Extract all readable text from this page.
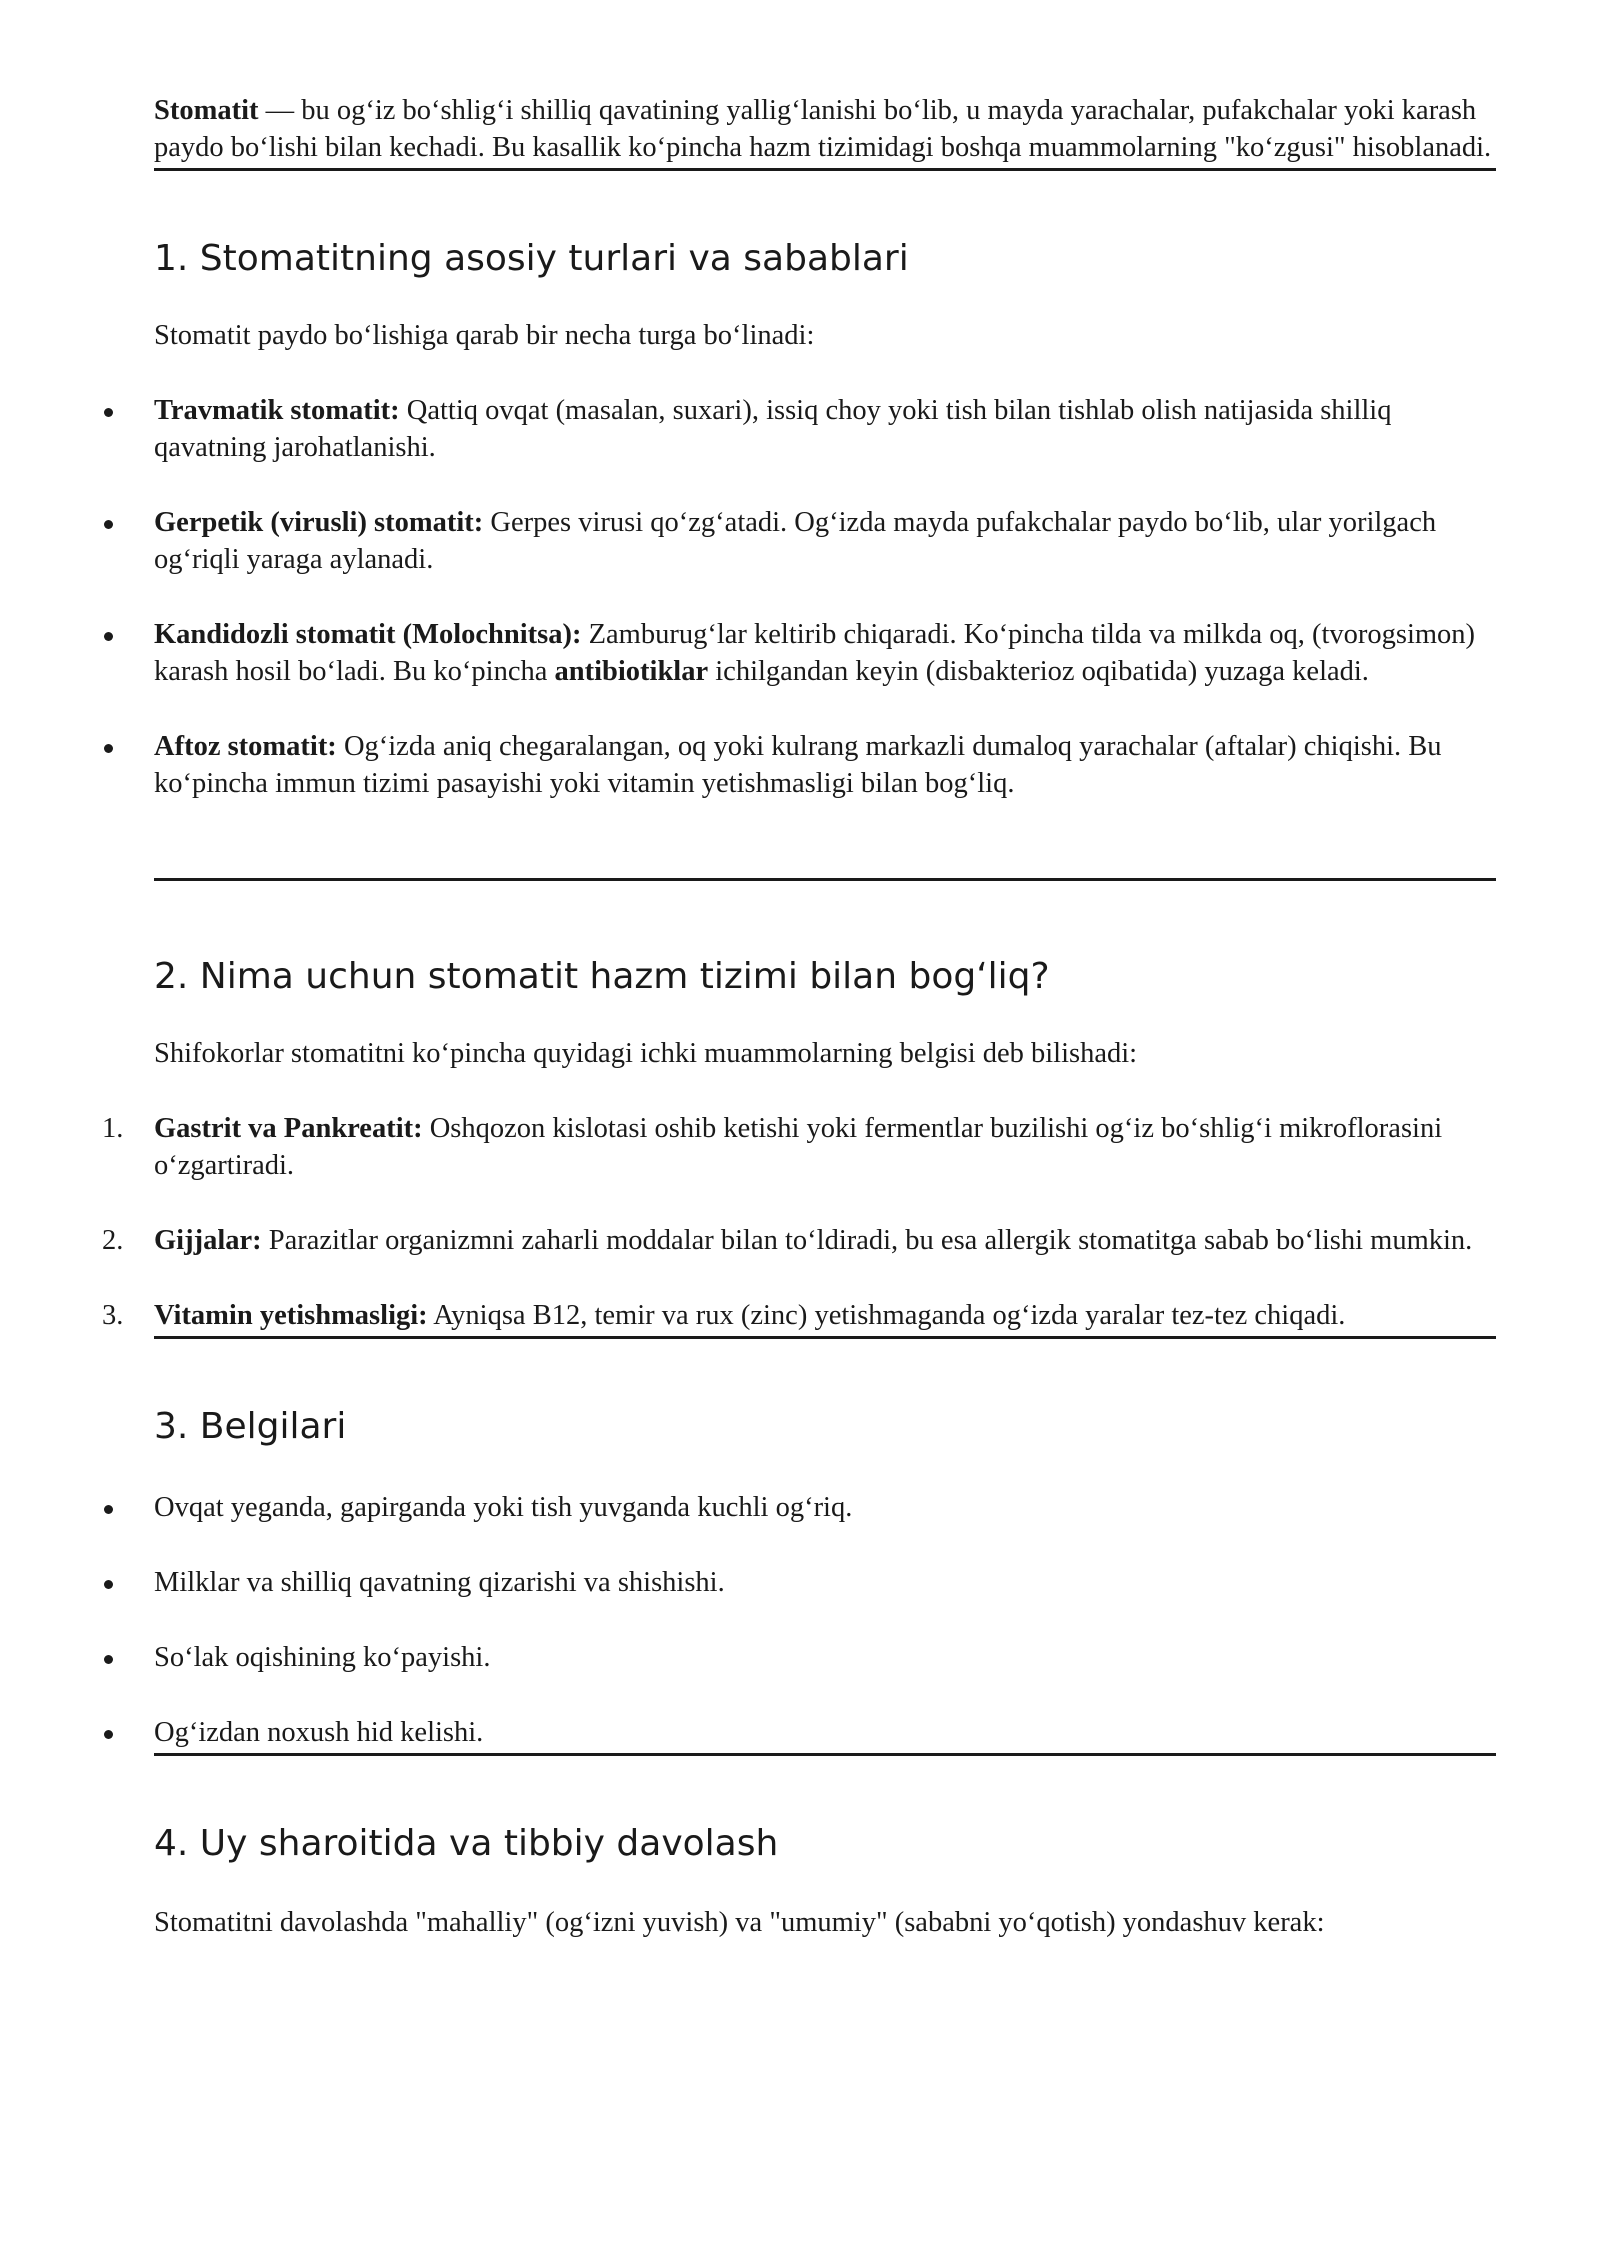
Stomatit — bu og‘iz bo‘shlig‘i shilliq qavatining yallig‘lanishi bo‘lib, u mayda yarachalar, pufakchalar yoki karash paydo bo‘lishi bilan kechadi. Bu kasallik ko‘pincha hazm tizimidagi boshqa muammolarning "ko‘zgusi" hisoblanadi.

1. Stomatitning asosiy turlari va sabablari

Stomatit paydo bo‘lishiga qarab bir necha turga bo‘linadi:

Travmatik stomatit: Qattiq ovqat (masalan, suxari), issiq choy yoki tish bilan tishlab olish natijasida shilliq qavatning jarohatlanishi.
Gerpetik (virusli) stomatit: Gerpes virusi qo‘zg‘atadi. Og‘izda mayda pufakchalar paydo bo‘lib, ular yorilgach og‘riqli yaraga aylanadi.
Kandidozli stomatit (Molochnitsa): Zamburug‘lar keltirib chiqaradi. Ko‘pincha tilda va milkda oq, (tvorogsimon) karash hosil bo‘ladi. Bu ko‘pincha antibiotiklar ichilgandan keyin (disbakterioz oqibatida) yuzaga keladi.
Aftoz stomatit: Og‘izda aniq chegaralangan, oq yoki kulrang markazli dumaloq yarachalar (aftalar) chiqishi. Bu ko‘pincha immun tizimi pasayishi yoki vitamin yetishmasligi bilan bog‘liq.
2. Nima uchun stomatit hazm tizimi bilan bog‘liq?

Shifokorlar stomatitni ko‘pincha quyidagi ichki muammolarning belgisi deb bilishadi:

1.	Gastrit va Pankreatit: Oshqozon kislotasi oshib ketishi yoki fermentlar buzilishi og‘iz bo‘shlig‘i mikroflorasini o‘zgartiradi.
2.	Gijjalar: Parazitlar organizmni zaharli moddalar bilan to‘ldiradi, bu esa allergik stomatitga sabab bo‘lishi mumkin.
3.	Vitamin yetishmasligi: Ayniqsa B12, temir va rux (zinc) yetishmaganda og‘izda yaralar tez-tez chiqadi.
3. Belgilari
Ovqat yeganda, gapirganda yoki tish yuvganda kuchli og‘riq.
Milklar va shilliq qavatning qizarishi va shishishi.
So‘lak oqishining ko‘payishi.
Og‘izdan noxush hid kelishi.
4. Uy sharoitida va tibbiy davolash

Stomatitni davolashda "mahalliy" (og‘izni yuvish) va "umumiy" (sababni yo‘qotish) yondashuv kerak:
